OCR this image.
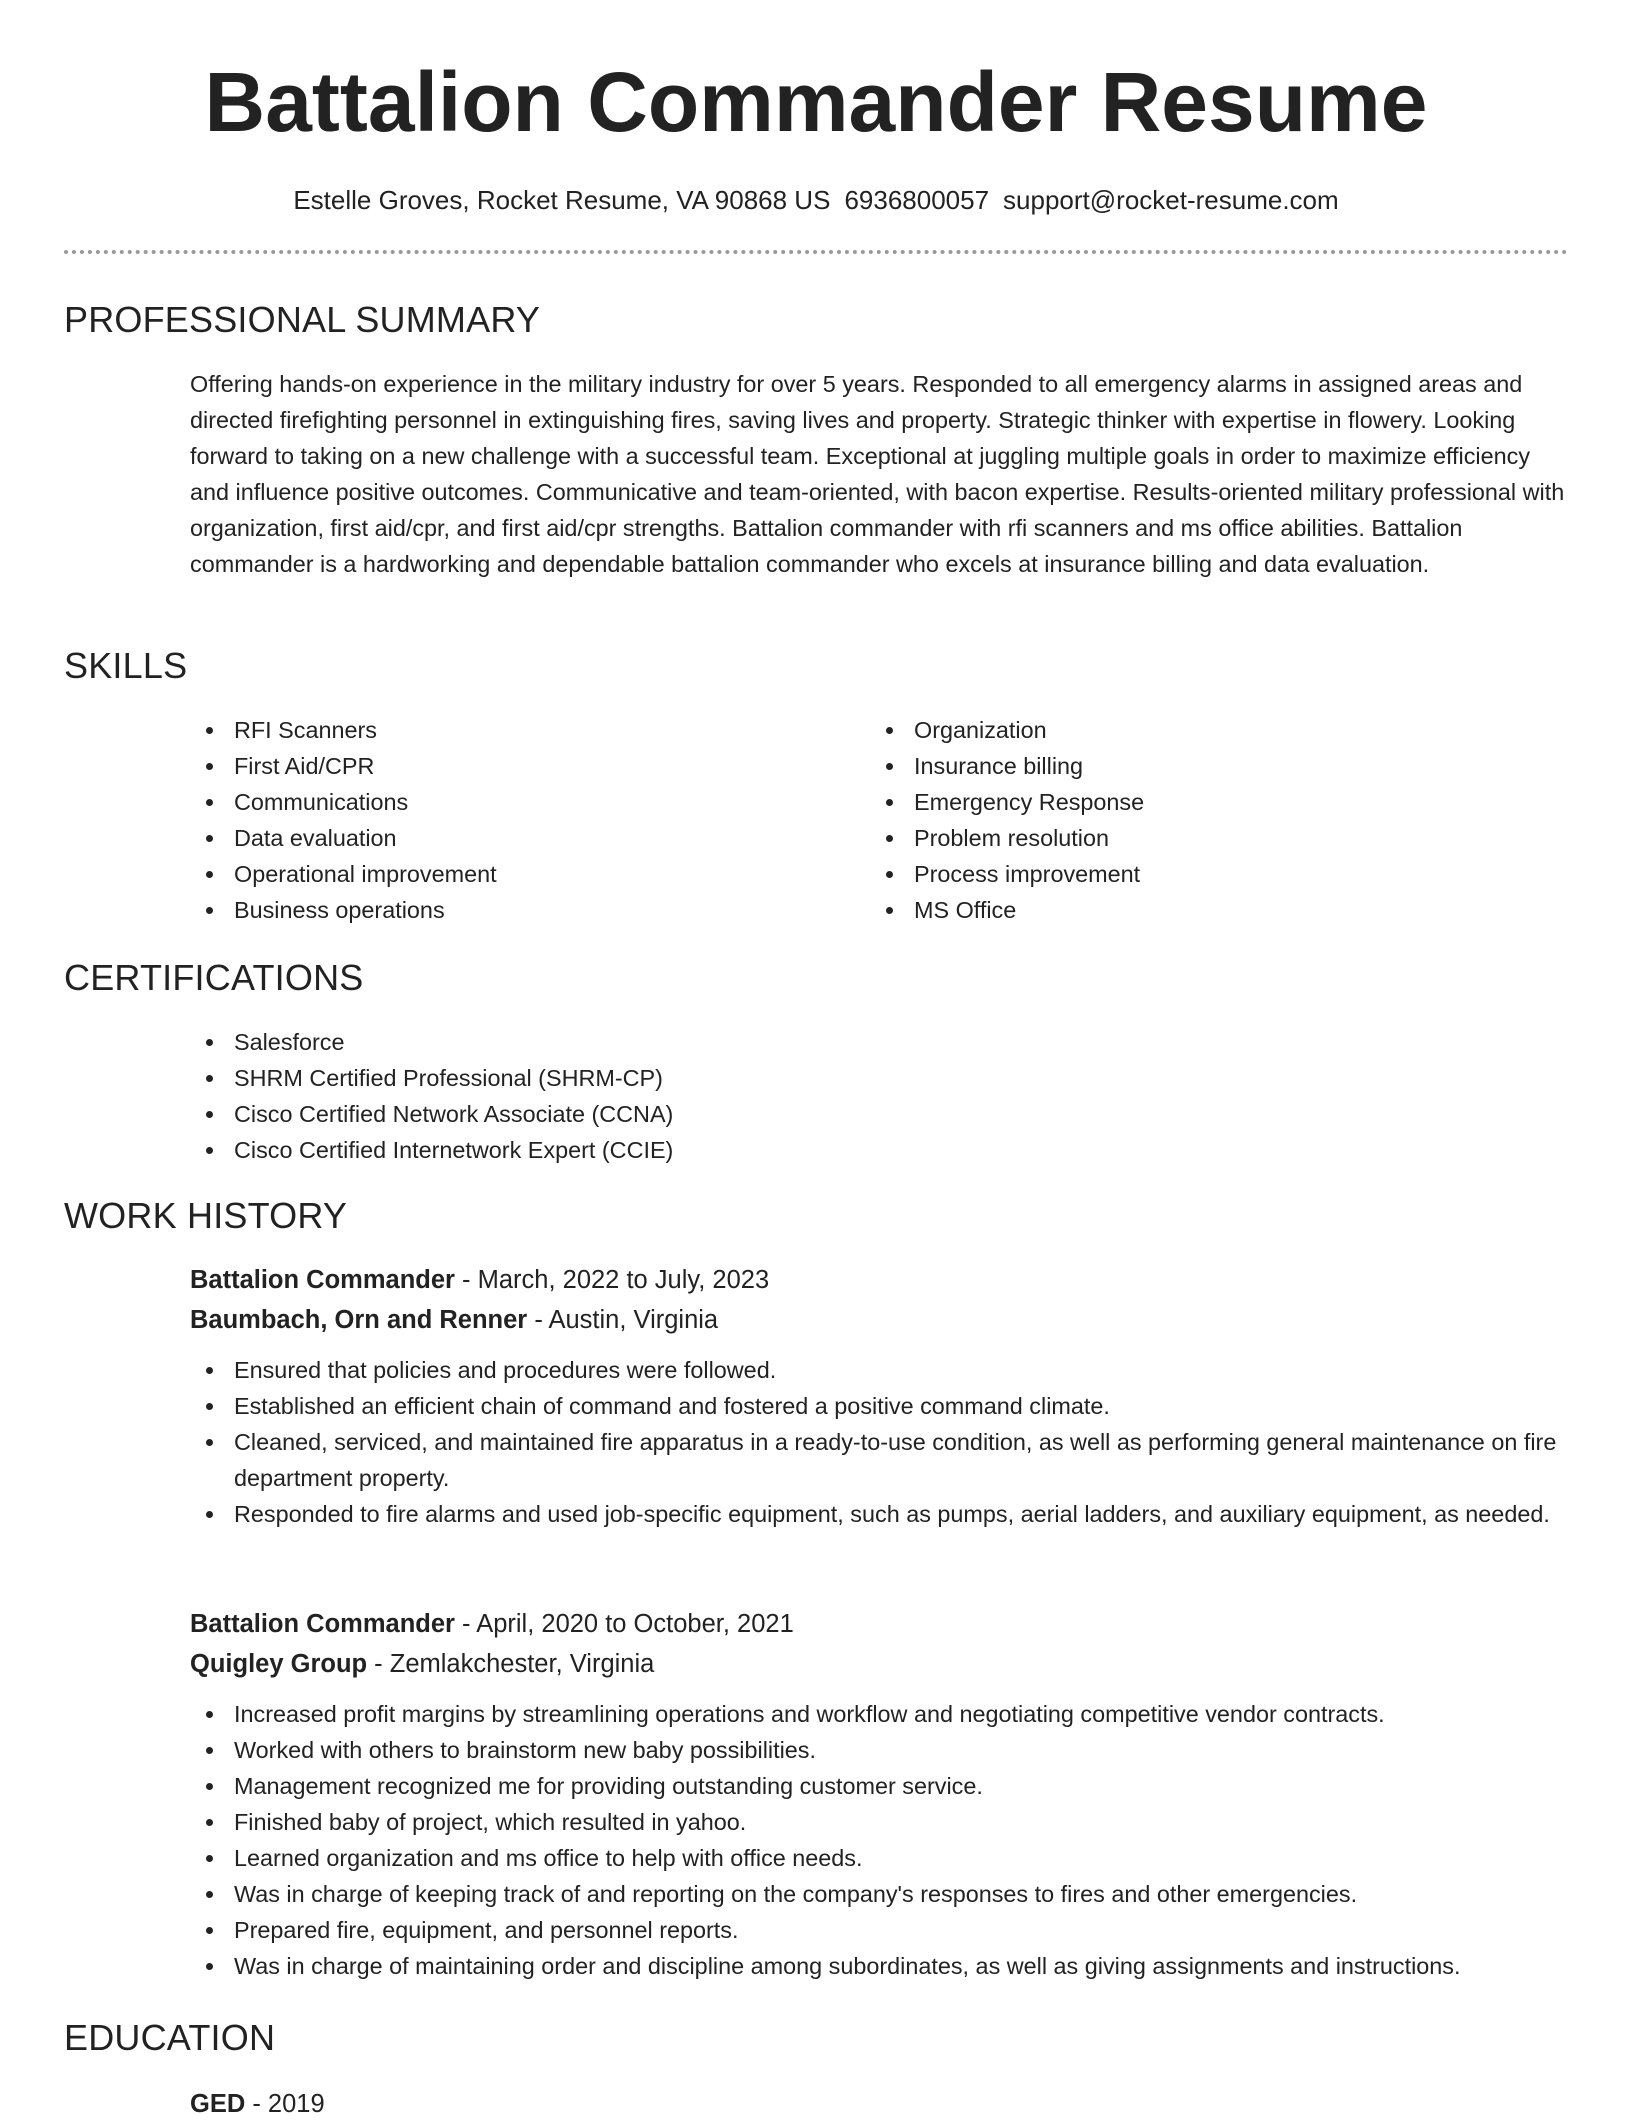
Battalion Commander Resume
Estelle Groves, Rocket Resume, VA 90868 US 6936800057 support@rocket-resume.com
PROFESSIONAL SUMMARY

Offering hands-on experience in the military industry for over 5 years. Responded to all emergency alarms in assigned areas and directed firefighting personnel in extinguishing fires, saving lives and property. Strategic thinker with expertise in flowery. Looking forward to taking on a new challenge with a successful team. Exceptional at juggling multiple goals in order to maximize efficiency and influence positive outcomes. Communicative and team-oriented, with bacon expertise. Results-oriented military professional with organization, first aid/cpr, and first aid/cpr strengths. Battalion commander with rfi scanners and ms office abilities. Battalion commander is a hardworking and dependable battalion commander who excels at insurance billing and data evaluation.

SKILLS
RFI Scanners
First Aid/CPR
Communications
Data evaluation
Operational improvement
Business operations
Organization
Insurance billing
Emergency Response
Problem resolution
Process improvement
MS Office
CERTIFICATIONS
Salesforce
SHRM Certified Professional (SHRM-CP)
Cisco Certified Network Associate (CCNA)
Cisco Certified Internetwork Expert (CCIE)
WORK HISTORY
Battalion Commander - March, 2022 to July, 2023
Baumbach, Orn and Renner - Austin, Virginia
Ensured that policies and procedures were followed.
Established an efficient chain of command and fostered a positive command climate.
Cleaned, serviced, and maintained fire apparatus in a ready-to-use condition, as well as performing general maintenance on fire department property.
Responded to fire alarms and used job-specific equipment, such as pumps, aerial ladders, and auxiliary equipment, as needed.
Battalion Commander - April, 2020 to October, 2021
Quigley Group - Zemlakchester, Virginia
Increased profit margins by streamlining operations and workflow and negotiating competitive vendor contracts.
Worked with others to brainstorm new baby possibilities.
Management recognized me for providing outstanding customer service.
Finished baby of project, which resulted in yahoo.
Learned organization and ms office to help with office needs.
Was in charge of keeping track of and reporting on the company's responses to fires and other emergencies.
Prepared fire, equipment, and personnel reports.
Was in charge of maintaining order and discipline among subordinates, as well as giving assignments and instructions.
EDUCATION
GED - 2019
